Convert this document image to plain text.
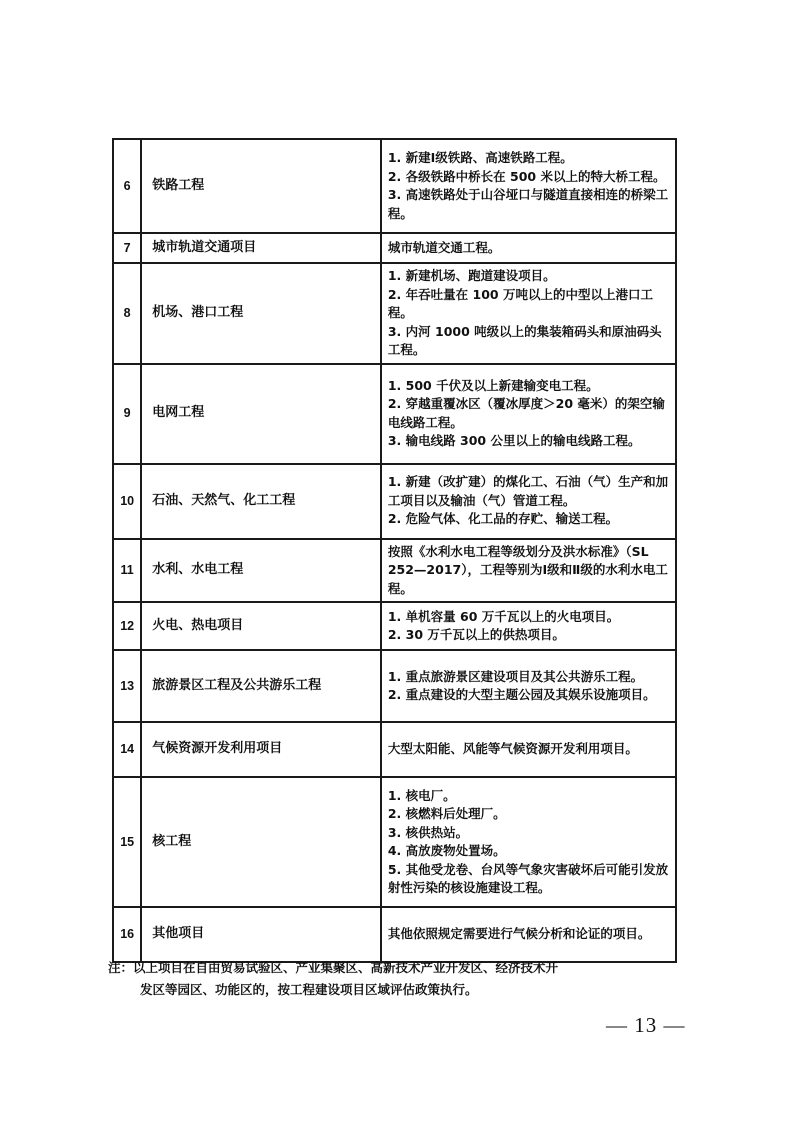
6	铁路工程	1. 新建Ⅰ级铁路、高速铁路工程。
2. 各级铁路中桥长在 500 米以上的特大桥工程。
3. 高速铁路处于山谷垭口与隧道直接相连的桥梁工程。

7	城市轨道交通项目	城市轨道交通工程。

8	机场、港口工程	1. 新建机场、跑道建设项目。
2. 年吞吐量在 100 万吨以上的中型以上港口工程。
3. 内河 1000 吨级以上的集装箱码头和原油码头工程。

9	电网工程	1. 500 千伏及以上新建输变电工程。
2. 穿越重覆冰区（覆冰厚度＞20 毫米）的架空输电线路工程。
3. 输电线路 300 公里以上的输电线路工程。

10	石油、天然气、化工工程	1. 新建（改扩建）的煤化工、石油（气）生产和加工项目以及输油（气）管道工程。
2. 危险气体、化工品的存贮、输送工程。

11	水利、水电工程	按照《水利水电工程等级划分及洪水标准》（SL 252—2017），工程等别为Ⅰ级和Ⅱ级的水利水电工程。

12	火电、热电项目	1. 单机容量 60 万千瓦以上的火电项目。
2. 30 万千瓦以上的供热项目。

13	旅游景区工程及公共游乐工程	1. 重点旅游景区建设项目及其公共游乐工程。
2. 重点建设的大型主题公园及其娱乐设施项目。

14	气候资源开发利用项目	大型太阳能、风能等气候资源开发利用项目。

15	核工程	1. 核电厂。
2. 核燃料后处理厂。
3. 核供热站。
4. 高放废物处置场。
5. 其他受龙卷、台风等气象灾害破坏后可能引发放射性污染的核设施建设工程。

16	其他项目	其他依照规定需要进行气候分析和论证的项目。
注：以上项目在自由贸易试验区、产业集聚区、高新技术产业开发区、经济技术开
发区等园区、功能区的，按工程建设项目区域评估政策执行。
— 13 —
